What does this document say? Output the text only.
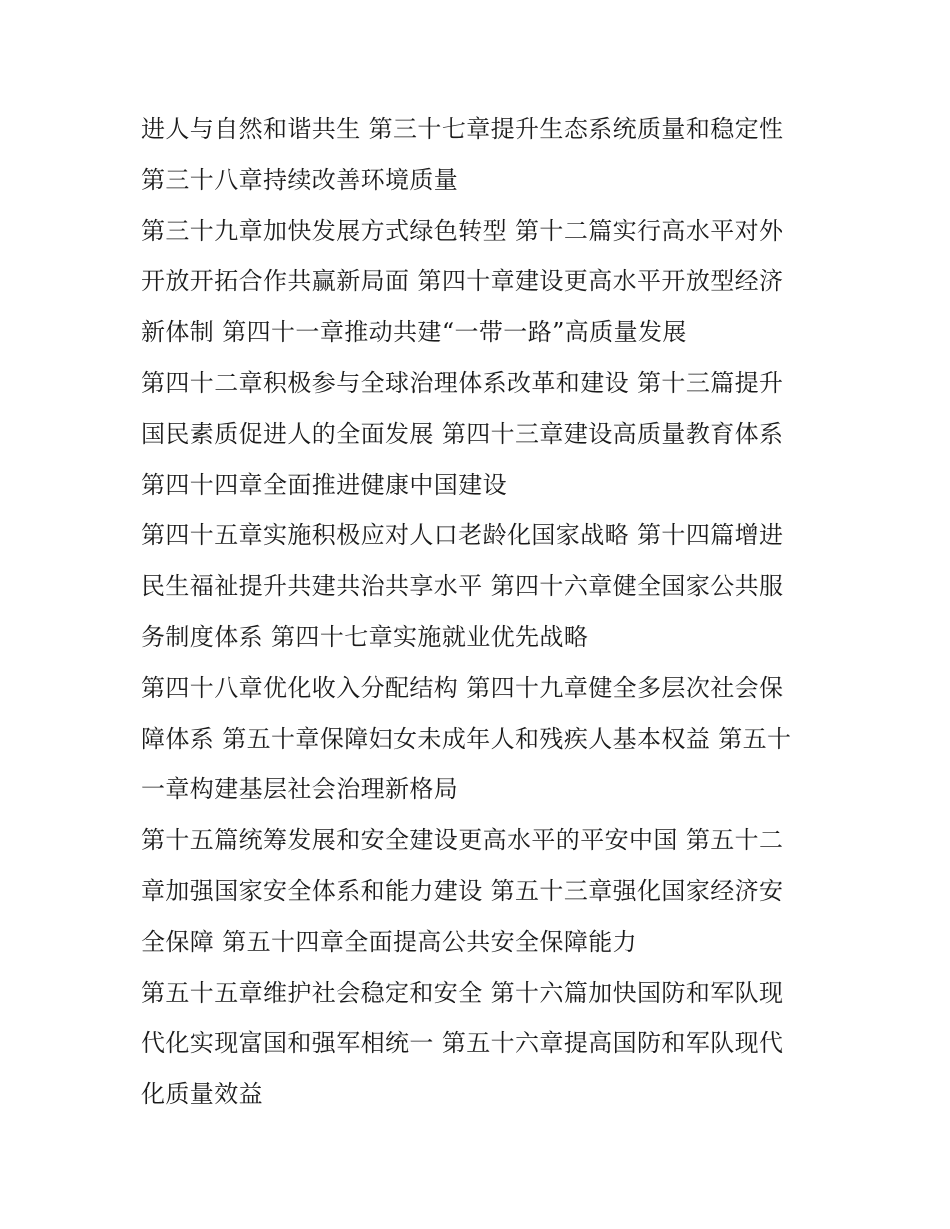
进人与自然和谐共生 第三十七章提升生态系统质量和稳定性
第三十八章持续改善环境质量
第三十九章加快发展方式绿色转型 第十二篇实行高水平对外
开放开拓合作共赢新局面 第四十章建设更高水平开放型经济
新体制 第四十一章推动共建“一带一路”高质量发展
第四十二章积极参与全球治理体系改革和建设 第十三篇提升
国民素质促进人的全面发展 第四十三章建设高质量教育体系
第四十四章全面推进健康中国建设
第四十五章实施积极应对人口老龄化国家战略 第十四篇增进
民生福祉提升共建共治共享水平 第四十六章健全国家公共服
务制度体系 第四十七章实施就业优先战略
第四十八章优化收入分配结构 第四十九章健全多层次社会保
障体系 第五十章保障妇女未成年人和残疾人基本权益 第五十
一章构建基层社会治理新格局
第十五篇统筹发展和安全建设更高水平的平安中国 第五十二
章加强国家安全体系和能力建设 第五十三章强化国家经济安
全保障 第五十四章全面提高公共安全保障能力
第五十五章维护社会稳定和安全 第十六篇加快国防和军队现
代化实现富国和强军相统一 第五十六章提高国防和军队现代
化质量效益
